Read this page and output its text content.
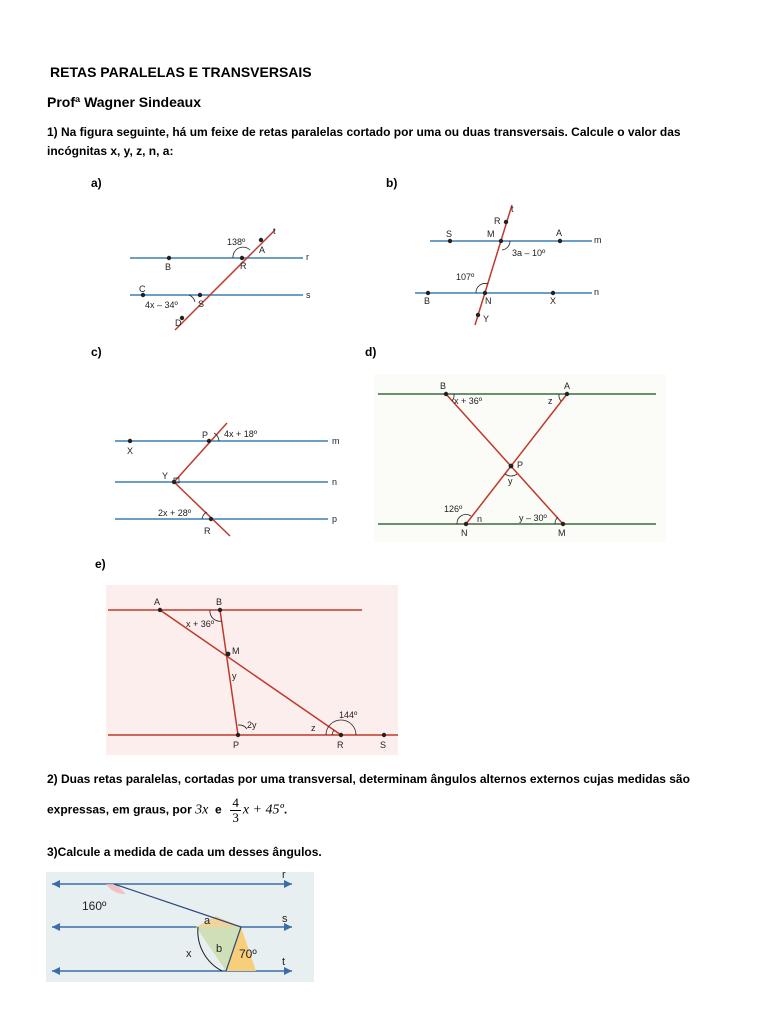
RETAS PARALELAS E TRANSVERSAIS
Profª Wagner Sindeaux
1) Na figura seguinte, há um feixe de retas paralelas cortado por uma ou duas transversais. Calcule o valor das
incógnitas x, y, z, n, a:
a)	b)
c)	d)
e)
t
r
s
138º
A
B	R
C
S
4x – 34º
D
t
R
S	M	A
m
3a – 10º
107º
B	N	X
n
Y
P 4x + 18º
m
X
Y
n
2x + 28º
p
R
B
x + 36º
A
z
P
y
126º
n	y – 30º
N	M
A	B
x + 36º
M
y
2y	z
144º
P	R	S
2) Duas retas paralelas, cortadas por uma transversal, determinam ângulos alternos externos cujas medidas são
expressas, em graus, por 3x e $\frac{4}{3}$ x + 45º.
3)Calcule a medida de cada um desses ângulos.
160º
a
b
x	70º
r
s
t
